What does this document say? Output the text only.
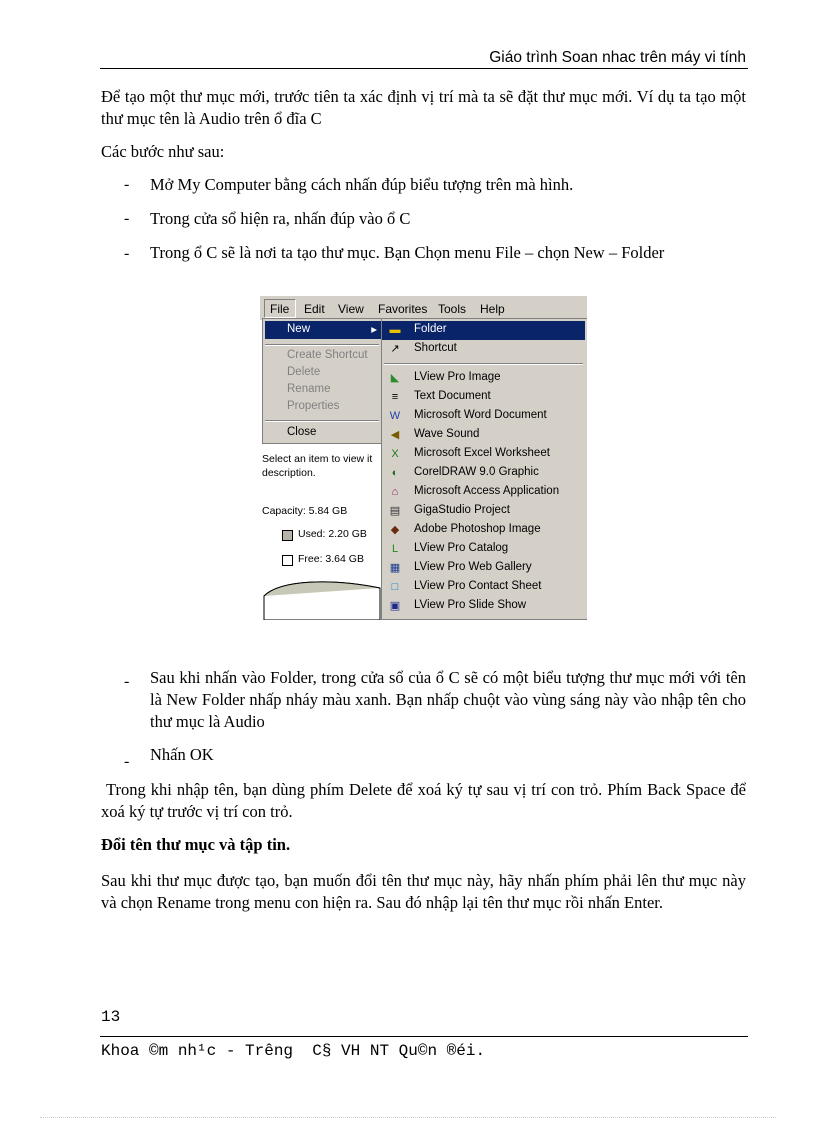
Giáo trình Soan nhac trên máy vi tính
Để tạo một thư mục mới, trước tiên ta xác định vị trí mà ta sẽ đặt thư mục mới. Ví dụ ta tạo một thư mục tên là Audio trên ổ đĩa C
Các bước như sau:
- Mở My Computer bằng cách nhấn đúp biểu tượng trên mà hình.
- Trong cửa sổ hiện ra, nhấn đúp vào ổ C
- Trong ổ C sẽ là nơi ta tạo thư mục. Bạn Chọn menu File – chọn New – Folder
File Edit View Favorites Tools Help
New	▸
Create Shortcut
Delete
Rename
Properties
Close
Select an item to view it
description.
Capacity: 5.84 GB
Used: 2.20 GB
Free: 3.64 GB
▬ Folder
↗ Shortcut
◣ LView Pro Image
≡	Text Document
W Microsoft Word Document
◀ Wave Sound
X Microsoft Excel Worksheet
◐	CorelDRAW 9.0 Graphic
⌂	Microsoft Access Application
▤ GigaStudio Project
◆ Adobe Photoshop Image
L	LView Pro Catalog
▦ LView Pro Web Gallery
□	LView Pro Contact Sheet
▣ LView Pro Slide Show
- Sau khi nhấn vào Folder, trong cửa sổ của ổ C sẽ có một biểu tượng thư mục mới với tên là New Folder nhấp nháy màu xanh. Bạn nhấp chuột vào vùng sáng này vào nhập tên cho thư mục là Audio
- Nhấn OK
Trong khi nhập tên, bạn dùng phím Delete để xoá ký tự sau vị trí con trỏ. Phím Back Space để xoá ký tự trước vị trí con trỏ.
Đổi tên thư mục và tập tin.
Sau khi thư mục được tạo, bạn muốn đổi tên thư mục này, hãy nhấn phím phải lên thư mục này và chọn Rename trong menu con hiện ra. Sau đó nhập lại tên thư mục rồi nhấn Enter.
13
Khoa ©m nh¹c - Trêng  C§ VH NT Qu©n ®éi.
